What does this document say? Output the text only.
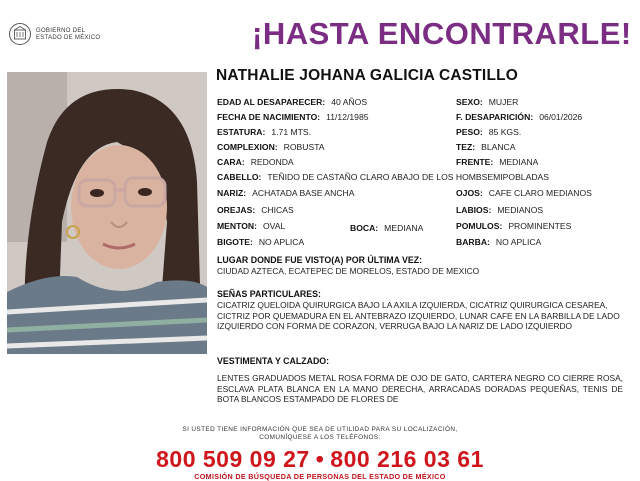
GOBIERNO DEL
ESTADO DE MÉXICO	¡HASTA ENCONTRARLE!
NATHALIE JOHANA GALICIA CASTILLO
EDAD AL DESAPARECER: 40 AÑOS	SEXO: MUJER
FECHA DE NACIMIENTO: 11/12/1985	F. DESAPARICIÓN: 06/01/2026
ESTATURA: 1.71 MTS.	PESO: 85 KGS.
COMPLEXION: ROBUSTA	TEZ: BLANCA
CARA: REDONDA	FRENTE: MEDIANA
CABELLO: TEÑIDO DE CASTAÑO CLARO ABAJO DE LOS HOMBSEMIPOBLADAS
NARIZ: ACHATADA BASE ANCHA	OJOS: CAFE CLARO MEDIANOS
OREJAS: CHICAS	LABIOS: MEDIANOS
MENTON: OVAL	BOCA: MEDIANA	POMULOS: PROMINENTES
BIGOTE: NO APLICA	BARBA: NO APLICA
LUGAR DONDE FUE VISTO(A) POR ÚLTIMA VEZ:
CIUDAD AZTECA, ECATEPEC DE MORELOS, ESTADO DE MEXICO
SEÑAS PARTICULARES:
CICATRIZ QUELOIDA QUIRURGICA BAJO LA AXILA IZQUIERDA, CICATRIZ QUIRURGICA CESAREA, CICTRIZ POR QUEMADURA EN EL ANTEBRAZO IZQUIERDO, LUNAR CAFE EN LA BARBILLA DE LADO IZQUIERDO CON FORMA DE CORAZON, VERRUGA BAJO LA NARIZ DE LADO IZQUIERDO
VESTIMENTA Y CALZADO:
LENTES GRADUADOS METAL ROSA FORMA DE OJO DE GATO, CARTERA NEGRO CO CIERRE ROSA, ESCLAVA PLATA BLANCA EN LA MANO DERECHA, ARRACADAS DORADAS PEQUEÑAS, TENIS DE BOTA BLANCOS ESTAMPADO DE FLORES DE
SI USTED TIENE INFORMACIÓN QUE SEA DE UTILIDAD PARA SU LOCALIZACIÓN,
COMUNÍQUESE A LOS TELÉFONOS:
800 509 09 27 • 800 216 03 61
COMISIÓN DE BÚSQUEDA DE PERSONAS DEL ESTADO DE MÉXICO
